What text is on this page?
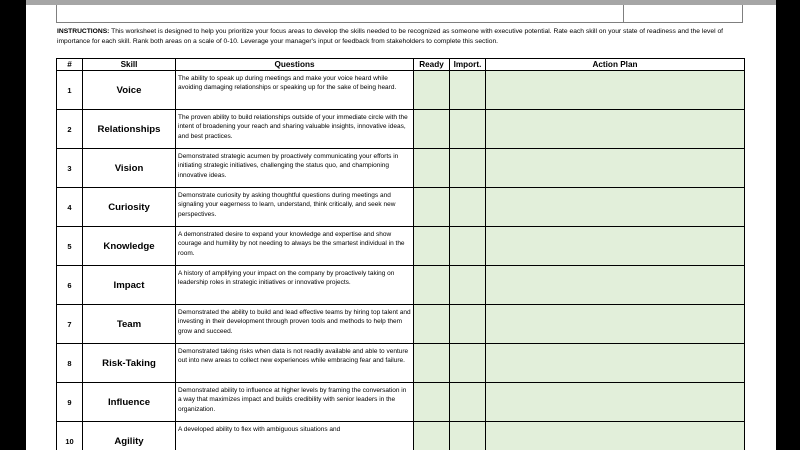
INSTRUCTIONS: This worksheet is designed to help you prioritize your focus areas to develop the skills needed to be recognized as someone with executive potential. Rate each skill on your state of readiness and the level of importance for each skill. Rank both areas on a scale of 0-10. Leverage your manager's input or feedback from stakeholders to complete this section.
#	Skill	Questions	Ready	Import.	Action Plan
1	Voice	The ability to speak up during meetings and make your voice heard while avoiding damaging relationships or speaking up for the sake of being heard.			
2	Relationships	The proven ability to build relationships outside of your immediate circle with the intent of broadening your reach and sharing valuable insights, innovative ideas, and best practices.			
3	Vision	Demonstrated strategic acumen by proactively communicating your efforts in initiating strategic initiatives, challenging the status quo, and championing innovative ideas.			
4	Curiosity	Demonstrate curiosity by asking thoughtful questions during meetings and signaling your eagerness to learn, understand, think critically, and seek new perspectives.			
5	Knowledge	A demonstrated desire to expand your knowledge and expertise and show courage and humility by not needing to always be the smartest individual in the room.			
6	Impact	A history of amplifying your impact on the company by proactively taking on leadership roles in strategic initiatives or innovative projects.			
7	Team	Demonstrated the ability to build and lead effective teams by hiring top talent and investing in their development through proven tools and methods to help them grow and succeed.			
8	Risk-Taking	Demonstrated taking risks when data is not readily available and able to venture out into new areas to collect new experiences while embracing fear and failure.			
9	Influence	Demonstrated ability to influence at higher levels by framing the conversation in a way that maximizes impact and builds credibility with senior leaders in the organization.			
10	Agility	A developed ability to flex with ambiguous situations and			
